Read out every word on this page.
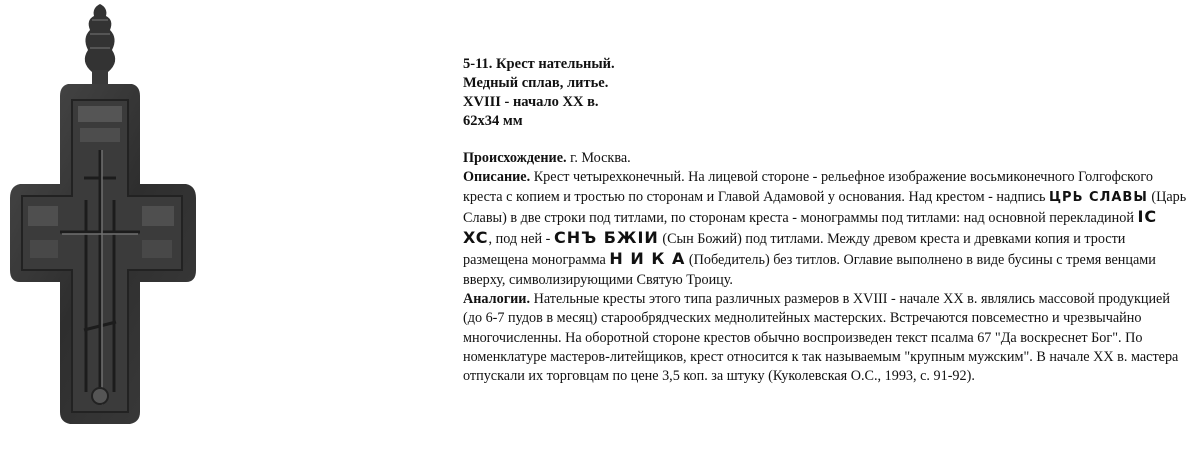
5-11. Крест нательный.
Медный сплав, литье.
XVIII - начало XX в.
62х34 мм

Происхождение. г. Москва.

Описание. Крест четырехконечный. На лицевой стороне - рельефное изображение восьмиконечного Голгофского креста с копием и тростью по сторонам и Главой Адамовой у основания. Над крестом - надпись ЦРЬ СЛАВЫ (Царь Славы) в две строки под титлами, по сторонам креста - монограммы под титлами: над основной перекладиной IC XC, под ней - СНЪ БЖIИ (Сын Божий) под титлами. Между древом креста и древками копия и трости размещена монограмма Н И К А (Победитель) без титлов. Оглавие выполнено в виде бусины с тремя венцами вверху, символизирующими Святую Троицу.

Аналогии. Нательные кресты этого типа различных размеров в XVIII - начале XX в. являлись массовой продукцией (до 6-7 пудов в месяц) старообрядческих меднолитейных мастерских. Встречаются повсеместно и чрезвычайно многочисленны. На оборотной стороне крестов обычно воспроизведен текст псалма 67 "Да воскреснет Бог". По номенклатуре мастеров-литейщиков, крест относится к так называемым "крупным мужским". В начале XX в. мастера отпускали их торговцам по цене 3,5 коп. за штуку (Куколевская О.С., 1993, с. 91-92).
